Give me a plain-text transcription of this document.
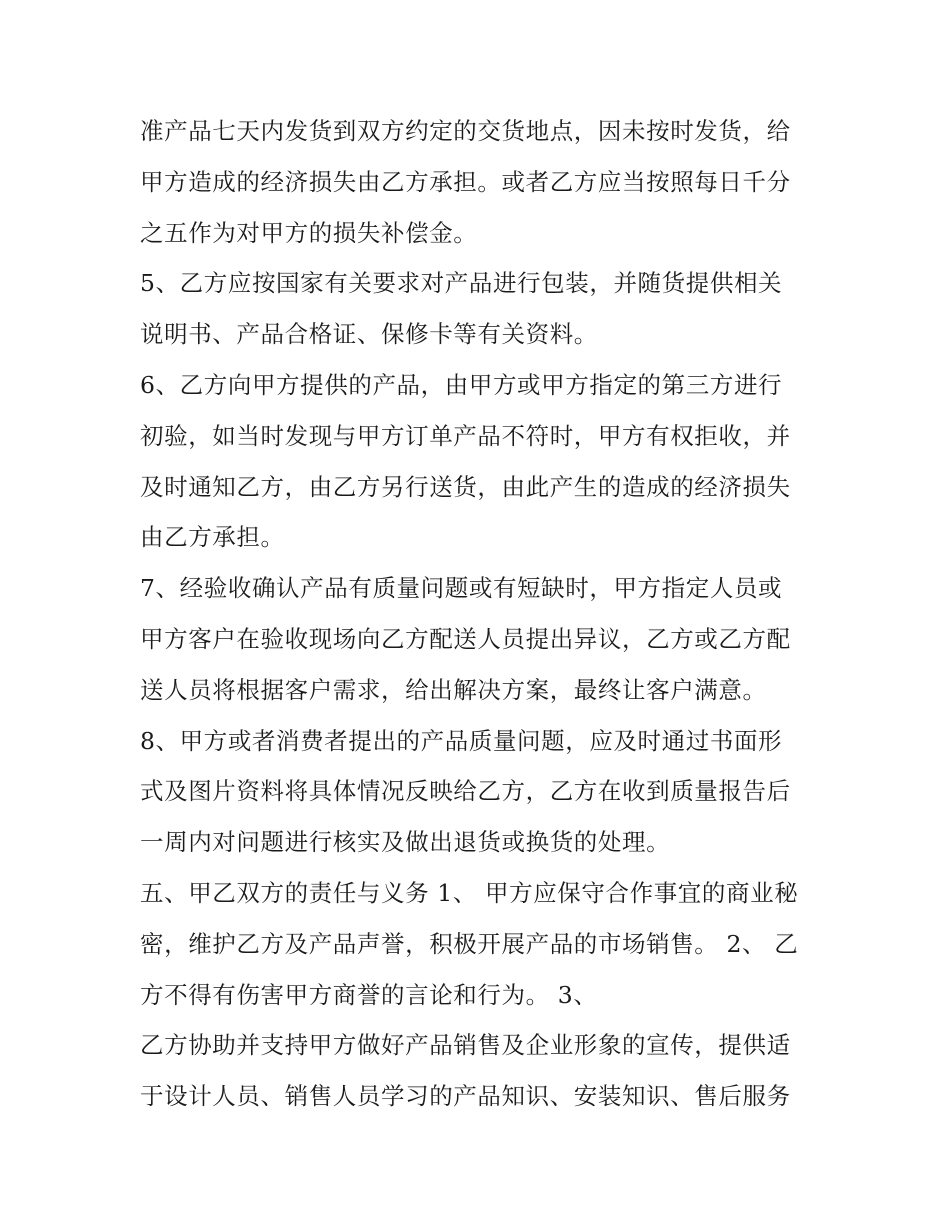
准产品七天内发货到双方约定的交货地点，因未按时发货，给
甲方造成的经济损失由乙方承担。或者乙方应当按照每日千分
之五作为对甲方的损失补偿金。
5、乙方应按国家有关要求对产品进行包装，并随货提供相关
说明书、产品合格证、保修卡等有关资料。
6、乙方向甲方提供的产品，由甲方或甲方指定的第三方进行
初验，如当时发现与甲方订单产品不符时，甲方有权拒收，并
及时通知乙方，由乙方另行送货，由此产生的造成的经济损失
由乙方承担。
7、经验收确认产品有质量问题或有短缺时，甲方指定人员或
甲方客户在验收现场向乙方配送人员提出异议，乙方或乙方配
送人员将根据客户需求，给出解决方案，最终让客户满意。
8、甲方或者消费者提出的产品质量问题，应及时通过书面形
式及图片资料将具体情况反映给乙方，乙方在收到质量报告后
一周内对问题进行核实及做出退货或换货的处理。
五、甲乙双方的责任与义务 1、 甲方应保守合作事宜的商业秘
密，维护乙方及产品声誉，积极开展产品的市场销售。 2、 乙
方不得有伤害甲方商誉的言论和行为。 3、
乙方协助并支持甲方做好产品销售及企业形象的宣传，提供适
于设计人员、销售人员学习的产品知识、安装知识、售后服务
